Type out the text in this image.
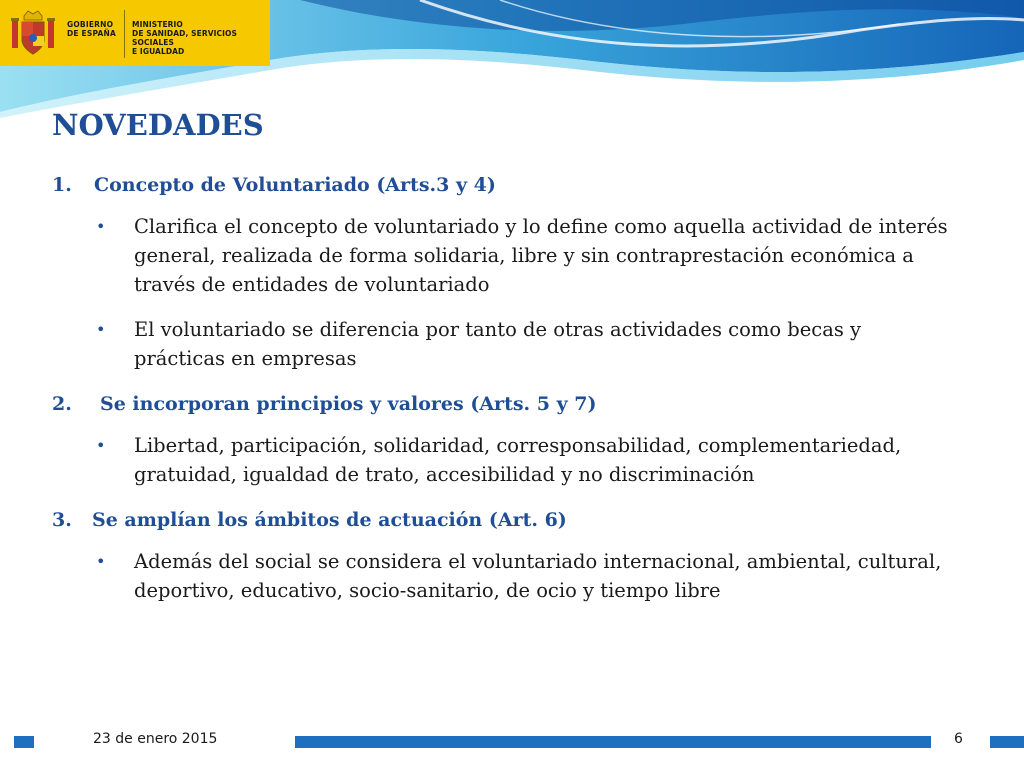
GOBIERNO
DE ESPAÑA
MINISTERIO
DE SANIDAD, SERVICIOS SOCIALES
E IGUALDAD
NOVEDADES
1. Concepto de Voluntariado (Arts.3 y 4)
• Clarifica el concepto de voluntariado y lo define como aquella actividad de interés general, realizada de forma solidaria, libre y sin contraprestación económica a través de entidades de voluntariado
• El voluntariado se diferencia por tanto de otras actividades como becas y prácticas en empresas
2. Se incorporan principios y valores (Arts. 5 y 7)
• Libertad, participación, solidaridad, corresponsabilidad, complementariedad, gratuidad, igualdad de trato, accesibilidad y no discriminación
3. Se amplían los ámbitos de actuación (Art. 6)
• Además del social se considera el voluntariado internacional, ambiental, cultural, deportivo, educativo, socio-sanitario, de ocio y tiempo libre
23 de enero 2015	6
